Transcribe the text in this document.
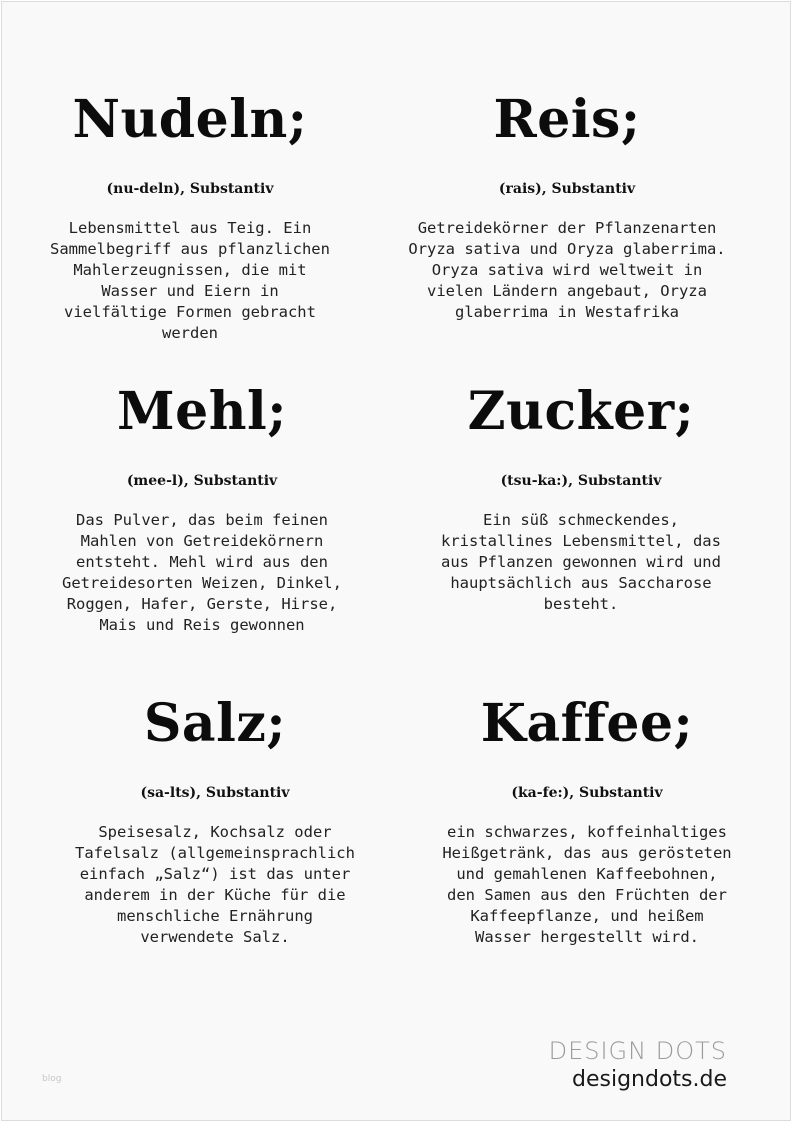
Nudeln;
(nu-deln), Substantiv
Lebensmittel aus Teig. Ein
Sammelbegriff aus pflanzlichen
Mahlerzeugnissen, die mit
Wasser und Eiern in
vielfältige Formen gebracht
werden
Reis;
(rais), Substantiv
Getreidekörner der Pflanzenarten
Oryza sativa und Oryza glaberrima.
Oryza sativa wird weltweit in
vielen Ländern angebaut, Oryza
glaberrima in Westafrika
Mehl;
(mee-l), Substantiv
Das Pulver, das beim feinen
Mahlen von Getreidekörnern
entsteht. Mehl wird aus den
Getreidesorten Weizen, Dinkel,
Roggen, Hafer, Gerste, Hirse,
Mais und Reis gewonnen
Zucker;
(tsu-ka:), Substantiv
Ein süß schmeckendes,
kristallines Lebensmittel, das
aus Pflanzen gewonnen wird und
hauptsächlich aus Saccharose
besteht.
Salz;
(sa-lts), Substantiv
Speisesalz, Kochsalz oder
Tafelsalz (allgemeinsprachlich
einfach „Salz“) ist das unter
anderem in der Küche für die
menschliche Ernährung
verwendete Salz.
Kaffee;
(ka-fe:), Substantiv
ein schwarzes, koffeinhaltiges
Heißgetränk, das aus gerösteten
und gemahlenen Kaffeebohnen,
den Samen aus den Früchten der
Kaffeepflanze, und heißem
Wasser hergestellt wird.
blog
DESIGN DOTS
designdots.de
